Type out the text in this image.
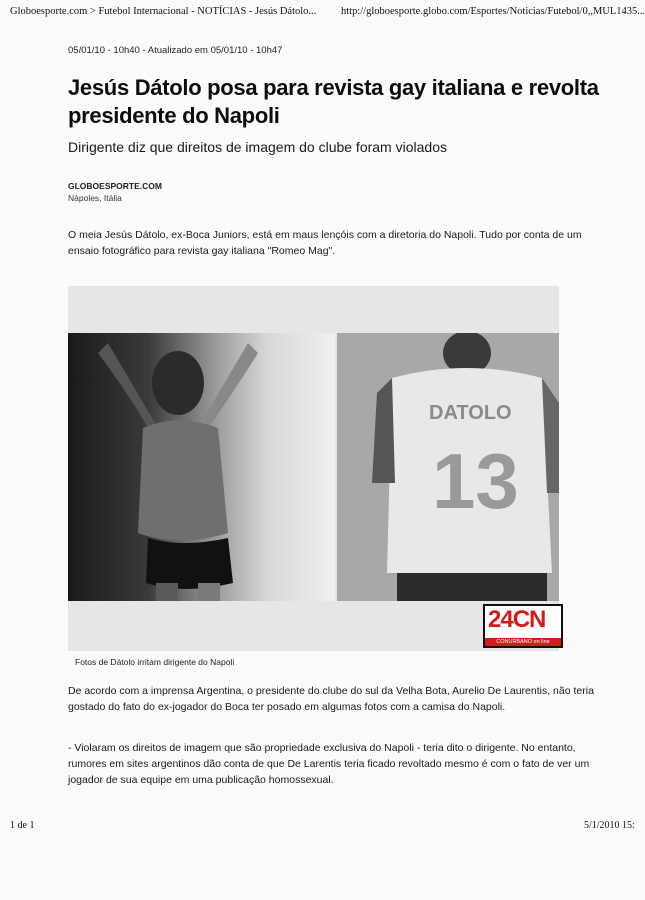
Globoesporte.com > Futebol Internacional - NOTÍCIAS - Jesús Dátolo... http://globoesporte.globo.com/Esportes/Noticias/Futebol/0,,MUL1435...
05/01/10 - 10h40 - Atualizado em 05/01/10 - 10h47
Jesús Dátolo posa para revista gay italiana e revolta presidente do Napoli
Dirigente diz que direitos de imagem do clube foram violados
GLOBOESPORTE.COM
Nápoles, Itália

O meia Jesús Dátolo, ex-Boca Juniors, está em maus lençóis com a diretoria do Napoli. Tudo por conta de um ensaio fotográfico para revista gay italiana "Romeo Mag".

DATOLO
13
24CN
CONURBANO on line
Fotos de Dátolo irritam dirigente do Napoli

De acordo com a imprensa Argentina, o presidente do clube do sul da Velha Bota, Aurelio De Laurentis, não teria gostado do fato do ex-jogador do Boca ter posado em algumas fotos com a camisa do Napoli.

- Violaram os direitos de imagem que são propriedade exclusiva do Napoli - teria dito o dirigente. No entanto, rumores em sites argentinos dão conta de que De Larentis teria ficado revoltado mesmo é com o fato de ver um jogador de sua equipe em uma publicação homossexual.

1 de 1	5/1/2010 15:
